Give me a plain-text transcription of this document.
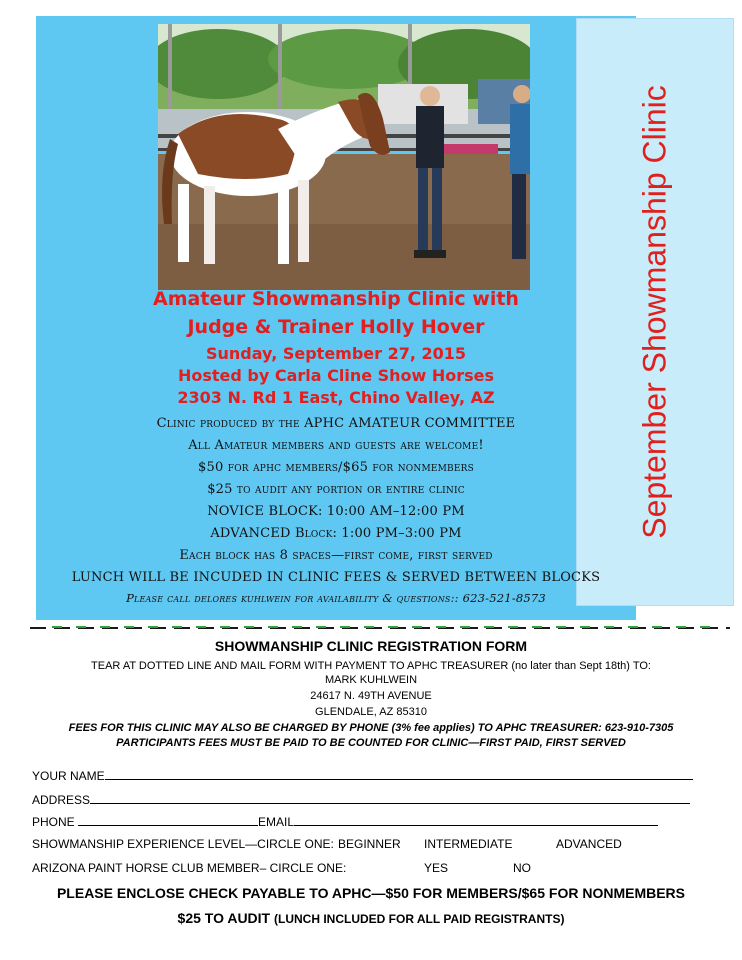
September Showmanship Clinic
Amateur Showmanship Clinic with
Judge & Trainer Holly Hover
Sunday, September 27, 2015
Hosted by Carla Cline Show Horses
2303 N. Rd 1 East, Chino Valley, AZ
Clinic produced by the APHC AMATEUR COMMITTEE
All Amateur members and guests are welcome!
$50 for aphc members/$65 for nonmembers
$25 to audit any portion or entire clinic
NOVICE BLOCK: 10:00 AM–12:00 PM
ADVANCED Block: 1:00 PM–3:00 PM
Each block has 8 spaces—first come, first served
LUNCH WILL BE INCUDED IN CLINIC FEES & SERVED BETWEEN BLOCKS
Please call delores kuhlwein for availability & questions:: 623-521-8573
SHOWMANSHIP CLINIC REGISTRATION FORM
TEAR AT DOTTED LINE AND MAIL FORM WITH PAYMENT TO APHC TREASURER (no later than Sept 18th) TO:
MARK KUHLWEIN
24617 N. 49TH AVENUE
GLENDALE, AZ 85310
FEES FOR THIS CLINIC MAY ALSO BE CHARGED BY PHONE (3% fee applies) TO APHC TREASURER: 623-910-7305
PARTICIPANTS FEES MUST BE PAID TO BE COUNTED FOR CLINIC—FIRST PAID, FIRST SERVED
YOUR NAME
ADDRESS
PHONE	EMAIL
SHOWMANSHIP EXPERIENCE LEVEL—CIRCLE ONE: BEGINNER INTERMEDIATE	ADVANCED
ARIZONA PAINT HORSE CLUB MEMBER– CIRCLE ONE:	YES	NO
PLEASE ENCLOSE CHECK PAYABLE TO APHC—$50 FOR MEMBERS/$65 FOR NONMEMBERS
$25 TO AUDIT (LUNCH INCLUDED FOR ALL PAID REGISTRANTS)
